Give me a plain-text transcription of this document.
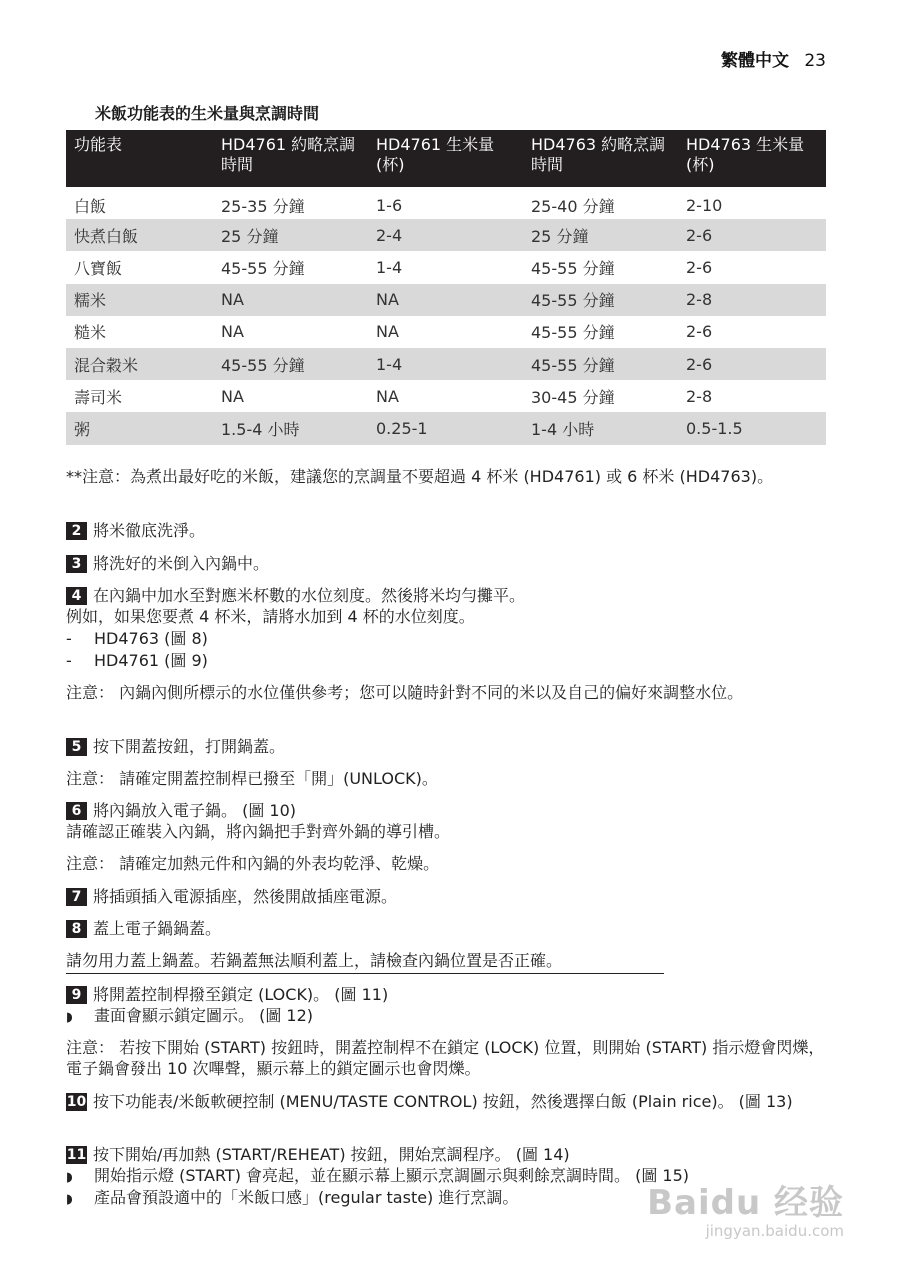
繁體中文 23
米飯功能表的生米量與烹調時間
功能表	HD4761 約略烹調時間	HD4761 生米量 (杯)	HD4763 約略烹調時間	HD4763 生米量 (杯)
白飯	25-35 分鐘	1-6	25-40 分鐘	2-10
快煮白飯	25 分鐘	2-4	25 分鐘	2-6
八寶飯	45-55 分鐘	1-4	45-55 分鐘	2-6
糯米	NA	NA	45-55 分鐘	2-8
糙米	NA	NA	45-55 分鐘	2-6
混合穀米	45-55 分鐘	1-4	45-55 分鐘	2-6
壽司米	NA	NA	30-45 分鐘	2-8
粥	1.5-4 小時	0.25-1	1-4 小時	0.5-1.5
**注意：為煮出最好吃的米飯，建議您的烹調量不要超過 4 杯米 (HD4761) 或 6 杯米 (HD4763)。
2 將米徹底洗淨。
3 將洗好的米倒入內鍋中。
4 在內鍋中加水至對應米杯數的水位刻度。然後將米均勻攤平。
例如，如果您要煮 4 杯米，請將水加到 4 杯的水位刻度。
- HD4763 (圖 8)
- HD4761 (圖 9)
注意： 內鍋內側所標示的水位僅供參考；您可以隨時針對不同的米以及自己的偏好來調整水位。
5 按下開蓋按鈕，打開鍋蓋。
注意： 請確定開蓋控制桿已撥至「開」(UNLOCK)。
6 將內鍋放入電子鍋。 (圖 10)
請確認正確裝入內鍋，將內鍋把手對齊外鍋的導引槽。
注意： 請確定加熱元件和內鍋的外表均乾淨、乾燥。
7 將插頭插入電源插座，然後開啟插座電源。
8 蓋上電子鍋鍋蓋。
請勿用力蓋上鍋蓋。若鍋蓋無法順利蓋上，請檢查內鍋位置是否正確。
9 將開蓋控制桿撥至鎖定 (LOCK)。 (圖 11)
◗ 畫面會顯示鎖定圖示。 (圖 12)
注意： 若按下開始 (START) 按鈕時，開蓋控制桿不在鎖定 (LOCK) 位置，則開始 (START) 指示燈會閃爍，電子鍋會發出 10 次嗶聲，顯示幕上的鎖定圖示也會閃爍。
10 按下功能表/米飯軟硬控制 (MENU/TASTE CONTROL) 按鈕，然後選擇白飯 (Plain rice)。 (圖 13)
11 按下開始/再加熱 (START/REHEAT) 按鈕，開始烹調程序。 (圖 14)
◗ 開始指示燈 (START) 會亮起，並在顯示幕上顯示烹調圖示與剩餘烹調時間。 (圖 15)
◗ 產品會預設適中的「米飯口感」(regular taste) 進行烹調。	Baidu 经验
jingyan.baidu.com
